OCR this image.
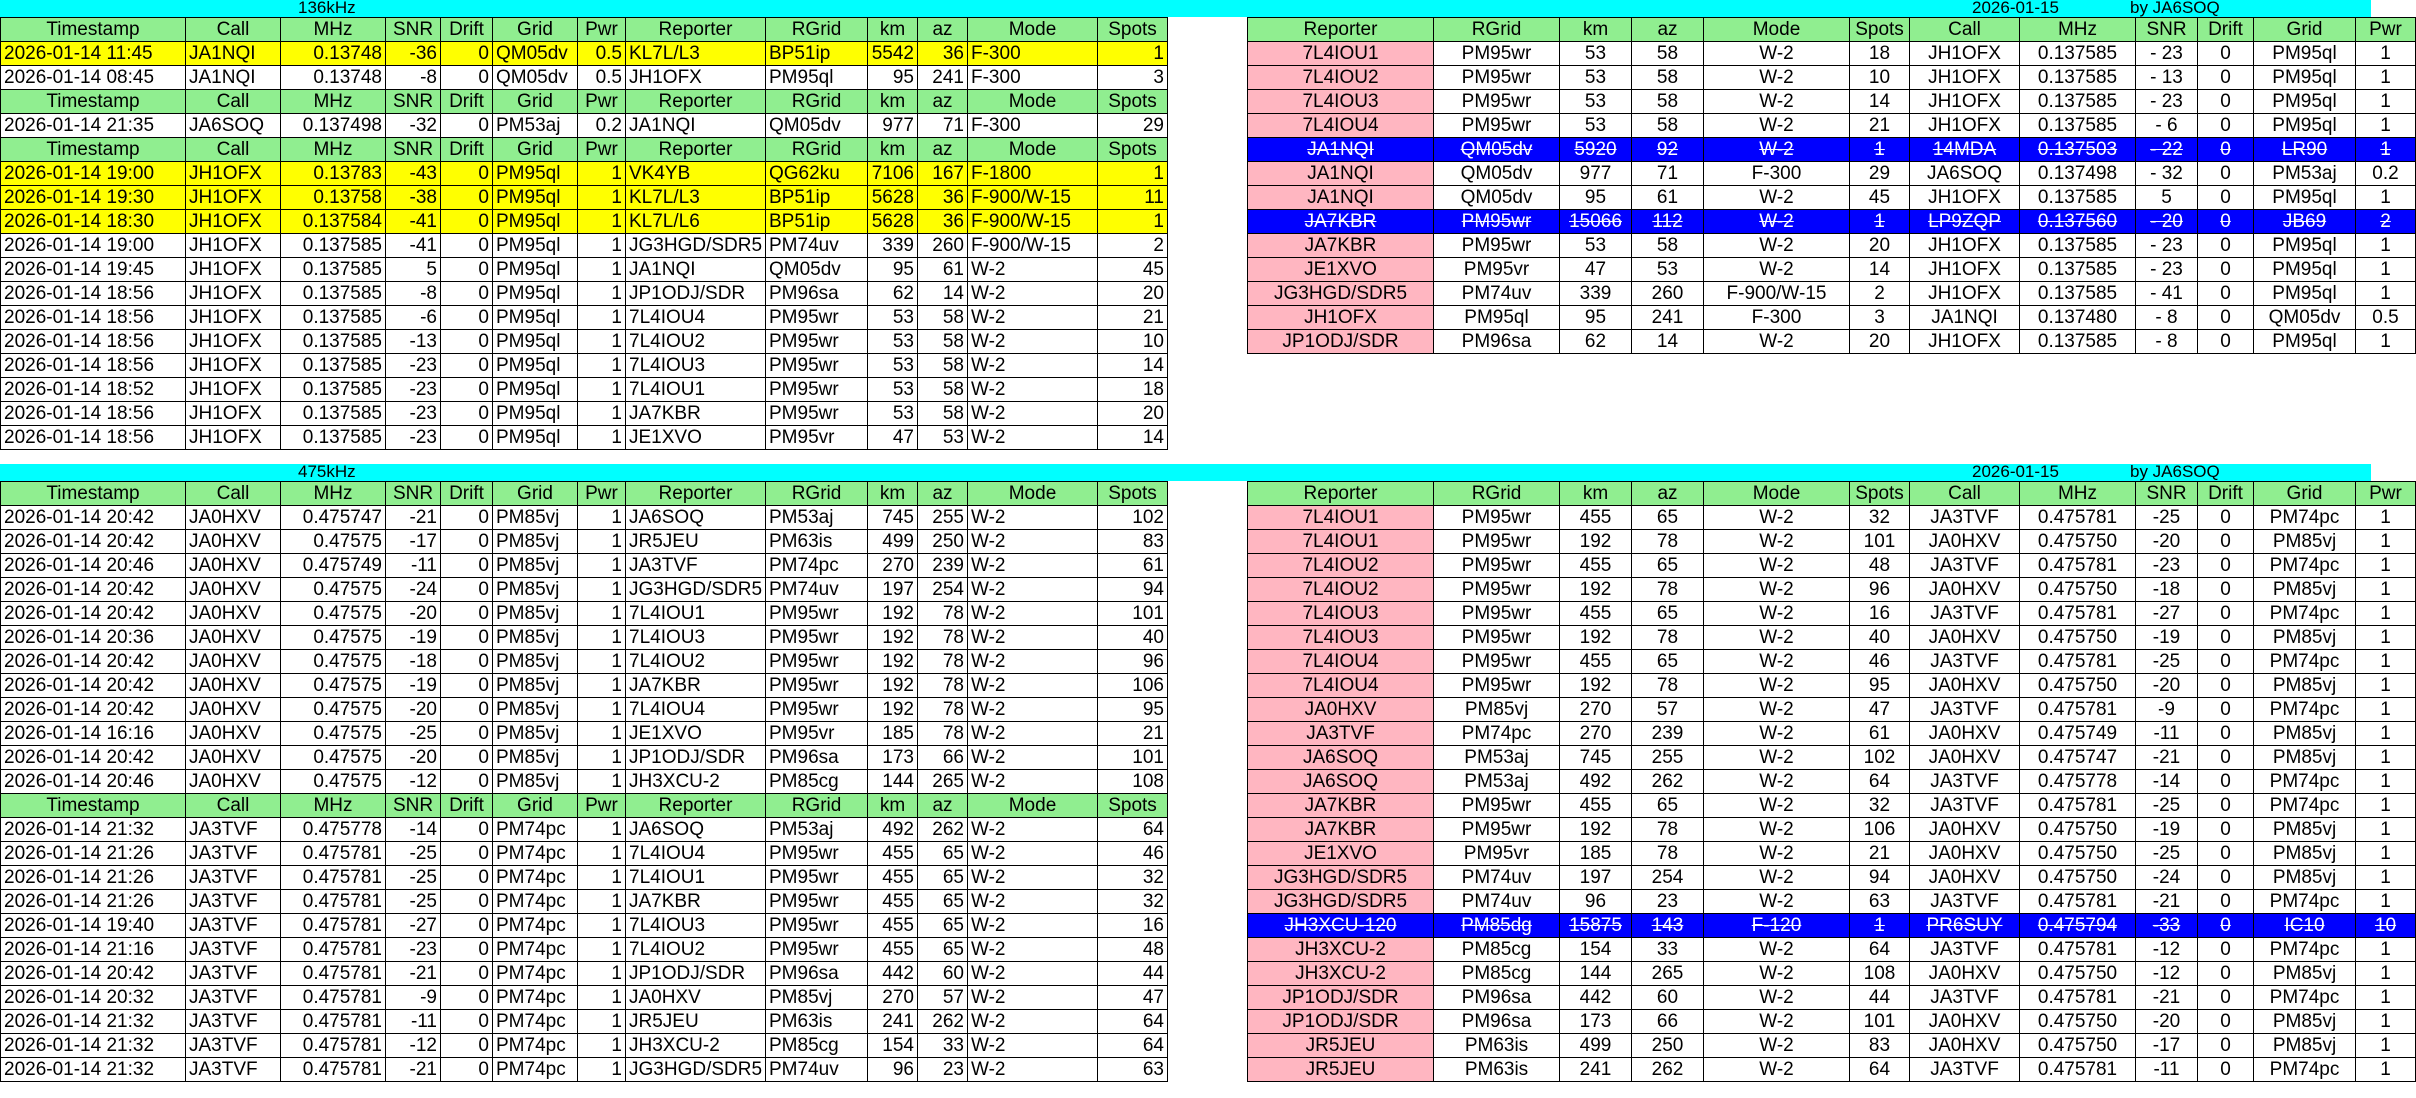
136kHz	2026-01-15	by JA6SOQ
475kHz	2026-01-15	by JA6SOQ
Timestamp	Call	MHz	SNR	Drift	Grid	Pwr	Reporter	RGrid	km	az	Mode	Spots
2026-01-14 11:45	JA1NQI	0.13748	-36	0	QM05dv	0.5	KL7L/L3	BP51ip	5542	36	F-300	1
2026-01-14 08:45	JA1NQI	0.13748	-8	0	QM05dv	0.5	JH1OFX	PM95ql	95	241	F-300	3
Timestamp	Call	MHz	SNR	Drift	Grid	Pwr	Reporter	RGrid	km	az	Mode	Spots
2026-01-14 21:35	JA6SOQ	0.137498	-32	0	PM53aj	0.2	JA1NQI	QM05dv	977	71	F-300	29
Timestamp	Call	MHz	SNR	Drift	Grid	Pwr	Reporter	RGrid	km	az	Mode	Spots
2026-01-14 19:00	JH1OFX	0.13783	-43	0	PM95ql	1	VK4YB	QG62ku	7106	167	F-1800	1
2026-01-14 19:30	JH1OFX	0.13758	-38	0	PM95ql	1	KL7L/L3	BP51ip	5628	36	F-900/W-15	11
2026-01-14 18:30	JH1OFX	0.137584	-41	0	PM95ql	1	KL7L/L6	BP51ip	5628	36	F-900/W-15	1
2026-01-14 19:00	JH1OFX	0.137585	-41	0	PM95ql	1	JG3HGD/SDR5	PM74uv	339	260	F-900/W-15	2
2026-01-14 19:45	JH1OFX	0.137585	5	0	PM95ql	1	JA1NQI	QM05dv	95	61	W-2	45
2026-01-14 18:56	JH1OFX	0.137585	-8	0	PM95ql	1	JP1ODJ/SDR	PM96sa	62	14	W-2	20
2026-01-14 18:56	JH1OFX	0.137585	-6	0	PM95ql	1	7L4IOU4	PM95wr	53	58	W-2	21
2026-01-14 18:56	JH1OFX	0.137585	-13	0	PM95ql	1	7L4IOU2	PM95wr	53	58	W-2	10
2026-01-14 18:56	JH1OFX	0.137585	-23	0	PM95ql	1	7L4IOU3	PM95wr	53	58	W-2	14
2026-01-14 18:52	JH1OFX	0.137585	-23	0	PM95ql	1	7L4IOU1	PM95wr	53	58	W-2	18
2026-01-14 18:56	JH1OFX	0.137585	-23	0	PM95ql	1	JA7KBR	PM95wr	53	58	W-2	20
2026-01-14 18:56	JH1OFX	0.137585	-23	0	PM95ql	1	JE1XVO	PM95vr	47	53	W-2	14
Reporter	RGrid	km	az	Mode	Spots	Call	MHz	SNR	Drift	Grid	Pwr
7L4IOU1	PM95wr	53	58	W-2	18	JH1OFX	0.137585	- 23	0	PM95ql	1
7L4IOU2	PM95wr	53	58	W-2	10	JH1OFX	0.137585	- 13	0	PM95ql	1
7L4IOU3	PM95wr	53	58	W-2	14	JH1OFX	0.137585	- 23	0	PM95ql	1
7L4IOU4	PM95wr	53	58	W-2	21	JH1OFX	0.137585	- 6	0	PM95ql	1
JA1NQI	QM05dv	5920	92	W-2	1	14MDA	0.137503	- 22	0	LR90	1
JA1NQI	QM05dv	977	71	F-300	29	JA6SOQ	0.137498	- 32	0	PM53aj	0.2
JA1NQI	QM05dv	95	61	W-2	45	JH1OFX	0.137585	5	0	PM95ql	1
JA7KBR	PM95wr	15066	112	W-2	1	LP9ZQP	0.137560	- 20	0	JB69	2
JA7KBR	PM95wr	53	58	W-2	20	JH1OFX	0.137585	- 23	0	PM95ql	1
JE1XVO	PM95vr	47	53	W-2	14	JH1OFX	0.137585	- 23	0	PM95ql	1
JG3HGD/SDR5	PM74uv	339	260	F-900/W-15	2	JH1OFX	0.137585	- 41	0	PM95ql	1
JH1OFX	PM95ql	95	241	F-300	3	JA1NQI	0.137480	- 8	0	QM05dv	0.5
JP1ODJ/SDR	PM96sa	62	14	W-2	20	JH1OFX	0.137585	- 8	0	PM95ql	1
Timestamp	Call	MHz	SNR	Drift	Grid	Pwr	Reporter	RGrid	km	az	Mode	Spots
2026-01-14 20:42	JA0HXV	0.475747	-21	0	PM85vj	1	JA6SOQ	PM53aj	745	255	W-2	102
2026-01-14 20:42	JA0HXV	0.47575	-17	0	PM85vj	1	JR5JEU	PM63is	499	250	W-2	83
2026-01-14 20:46	JA0HXV	0.475749	-11	0	PM85vj	1	JA3TVF	PM74pc	270	239	W-2	61
2026-01-14 20:42	JA0HXV	0.47575	-24	0	PM85vj	1	JG3HGD/SDR5	PM74uv	197	254	W-2	94
2026-01-14 20:42	JA0HXV	0.47575	-20	0	PM85vj	1	7L4IOU1	PM95wr	192	78	W-2	101
2026-01-14 20:36	JA0HXV	0.47575	-19	0	PM85vj	1	7L4IOU3	PM95wr	192	78	W-2	40
2026-01-14 20:42	JA0HXV	0.47575	-18	0	PM85vj	1	7L4IOU2	PM95wr	192	78	W-2	96
2026-01-14 20:42	JA0HXV	0.47575	-19	0	PM85vj	1	JA7KBR	PM95wr	192	78	W-2	106
2026-01-14 20:42	JA0HXV	0.47575	-20	0	PM85vj	1	7L4IOU4	PM95wr	192	78	W-2	95
2026-01-14 16:16	JA0HXV	0.47575	-25	0	PM85vj	1	JE1XVO	PM95vr	185	78	W-2	21
2026-01-14 20:42	JA0HXV	0.47575	-20	0	PM85vj	1	JP1ODJ/SDR	PM96sa	173	66	W-2	101
2026-01-14 20:46	JA0HXV	0.47575	-12	0	PM85vj	1	JH3XCU-2	PM85cg	144	265	W-2	108
Timestamp	Call	MHz	SNR	Drift	Grid	Pwr	Reporter	RGrid	km	az	Mode	Spots
2026-01-14 21:32	JA3TVF	0.475778	-14	0	PM74pc	1	JA6SOQ	PM53aj	492	262	W-2	64
2026-01-14 21:26	JA3TVF	0.475781	-25	0	PM74pc	1	7L4IOU4	PM95wr	455	65	W-2	46
2026-01-14 21:26	JA3TVF	0.475781	-25	0	PM74pc	1	7L4IOU1	PM95wr	455	65	W-2	32
2026-01-14 21:26	JA3TVF	0.475781	-25	0	PM74pc	1	JA7KBR	PM95wr	455	65	W-2	32
2026-01-14 19:40	JA3TVF	0.475781	-27	0	PM74pc	1	7L4IOU3	PM95wr	455	65	W-2	16
2026-01-14 21:16	JA3TVF	0.475781	-23	0	PM74pc	1	7L4IOU2	PM95wr	455	65	W-2	48
2026-01-14 20:42	JA3TVF	0.475781	-21	0	PM74pc	1	JP1ODJ/SDR	PM96sa	442	60	W-2	44
2026-01-14 20:32	JA3TVF	0.475781	-9	0	PM74pc	1	JA0HXV	PM85vj	270	57	W-2	47
2026-01-14 21:32	JA3TVF	0.475781	-11	0	PM74pc	1	JR5JEU	PM63is	241	262	W-2	64
2026-01-14 21:32	JA3TVF	0.475781	-12	0	PM74pc	1	JH3XCU-2	PM85cg	154	33	W-2	64
2026-01-14 21:32	JA3TVF	0.475781	-21	0	PM74pc	1	JG3HGD/SDR5	PM74uv	96	23	W-2	63
Reporter	RGrid	km	az	Mode	Spots	Call	MHz	SNR	Drift	Grid	Pwr
7L4IOU1	PM95wr	455	65	W-2	32	JA3TVF	0.475781	-25	0	PM74pc	1
7L4IOU1	PM95wr	192	78	W-2	101	JA0HXV	0.475750	-20	0	PM85vj	1
7L4IOU2	PM95wr	455	65	W-2	48	JA3TVF	0.475781	-23	0	PM74pc	1
7L4IOU2	PM95wr	192	78	W-2	96	JA0HXV	0.475750	-18	0	PM85vj	1
7L4IOU3	PM95wr	455	65	W-2	16	JA3TVF	0.475781	-27	0	PM74pc	1
7L4IOU3	PM95wr	192	78	W-2	40	JA0HXV	0.475750	-19	0	PM85vj	1
7L4IOU4	PM95wr	455	65	W-2	46	JA3TVF	0.475781	-25	0	PM74pc	1
7L4IOU4	PM95wr	192	78	W-2	95	JA0HXV	0.475750	-20	0	PM85vj	1
JA0HXV	PM85vj	270	57	W-2	47	JA3TVF	0.475781	-9	0	PM74pc	1
JA3TVF	PM74pc	270	239	W-2	61	JA0HXV	0.475749	-11	0	PM85vj	1
JA6SOQ	PM53aj	745	255	W-2	102	JA0HXV	0.475747	-21	0	PM85vj	1
JA6SOQ	PM53aj	492	262	W-2	64	JA3TVF	0.475778	-14	0	PM74pc	1
JA7KBR	PM95wr	455	65	W-2	32	JA3TVF	0.475781	-25	0	PM74pc	1
JA7KBR	PM95wr	192	78	W-2	106	JA0HXV	0.475750	-19	0	PM85vj	1
JE1XVO	PM95vr	185	78	W-2	21	JA0HXV	0.475750	-25	0	PM85vj	1
JG3HGD/SDR5	PM74uv	197	254	W-2	94	JA0HXV	0.475750	-24	0	PM85vj	1
JG3HGD/SDR5	PM74uv	96	23	W-2	63	JA3TVF	0.475781	-21	0	PM74pc	1
JH3XCU-120	PM85dg	15875	143	F-120	1	PR6SUY	0.475794	-33	0	IC10	10
JH3XCU-2	PM85cg	154	33	W-2	64	JA3TVF	0.475781	-12	0	PM74pc	1
JH3XCU-2	PM85cg	144	265	W-2	108	JA0HXV	0.475750	-12	0	PM85vj	1
JP1ODJ/SDR	PM96sa	442	60	W-2	44	JA3TVF	0.475781	-21	0	PM74pc	1
JP1ODJ/SDR	PM96sa	173	66	W-2	101	JA0HXV	0.475750	-20	0	PM85vj	1
JR5JEU	PM63is	499	250	W-2	83	JA0HXV	0.475750	-17	0	PM85vj	1
JR5JEU	PM63is	241	262	W-2	64	JA3TVF	0.475781	-11	0	PM74pc	1
